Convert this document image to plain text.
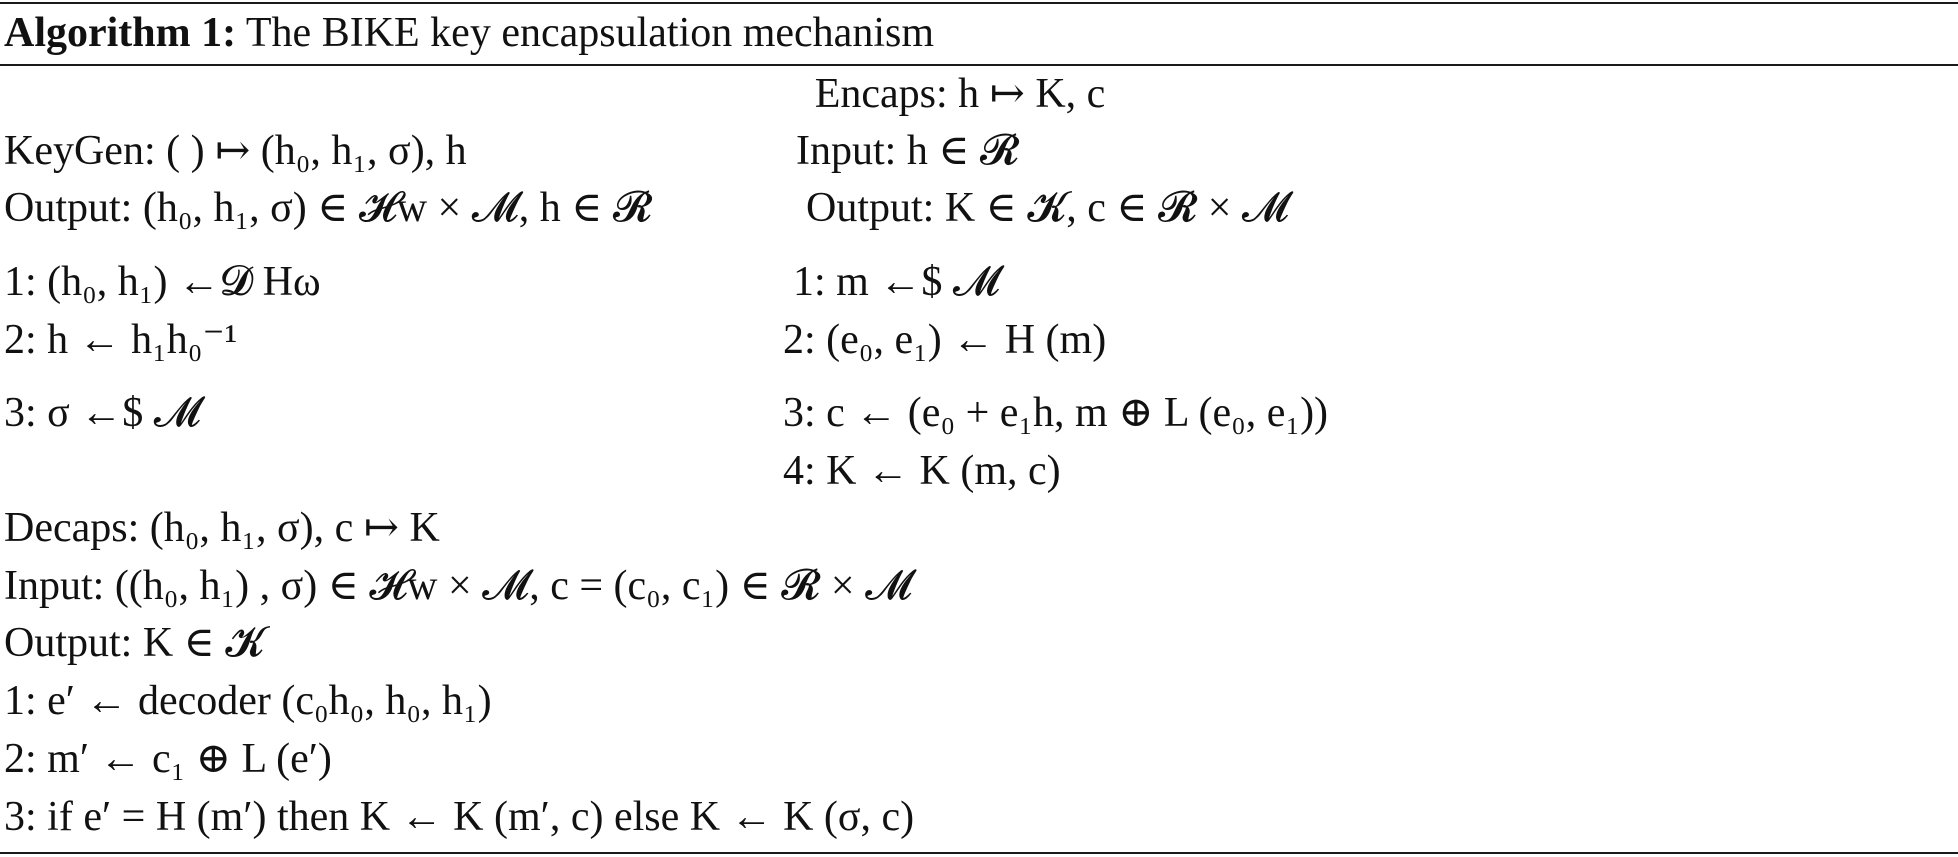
Algorithm 1: The BIKE key encapsulation mechanism
Encaps: h ↦ K, c
Input: h ∈ 𝓡
Output: K ∈ 𝓚, c ∈ 𝓡 × 𝓜
1: m ←$ 𝓜
2: (e₀, e₁) ← H (m)
3: c ← (e₀ + e₁h, m ⊕ L (e₀, e₁))
4: K ← K (m, c)
KeyGen: ( ) ↦ (h₀, h₁, σ), h
Output: (h₀, h₁, σ) ∈ 𝓗w × 𝓜, h ∈ 𝓡
1: (h₀, h₁) ←𝓓 Hω
2: h ← h₁h₀⁻¹
3: σ ←$ 𝓜
Decaps: (h₀, h₁, σ), c ↦ K
Input: ((h₀, h₁) , σ) ∈ 𝓗w × 𝓜, c = (c₀, c₁) ∈ 𝓡 × 𝓜
Output: K ∈ 𝓚
1: e′ ← decoder (c₀h₀, h₀, h₁)
2: m′ ← c₁ ⊕ L (e′)
3: if e′ = H (m′) then K ← K (m′, c) else K ← K (σ, c)
